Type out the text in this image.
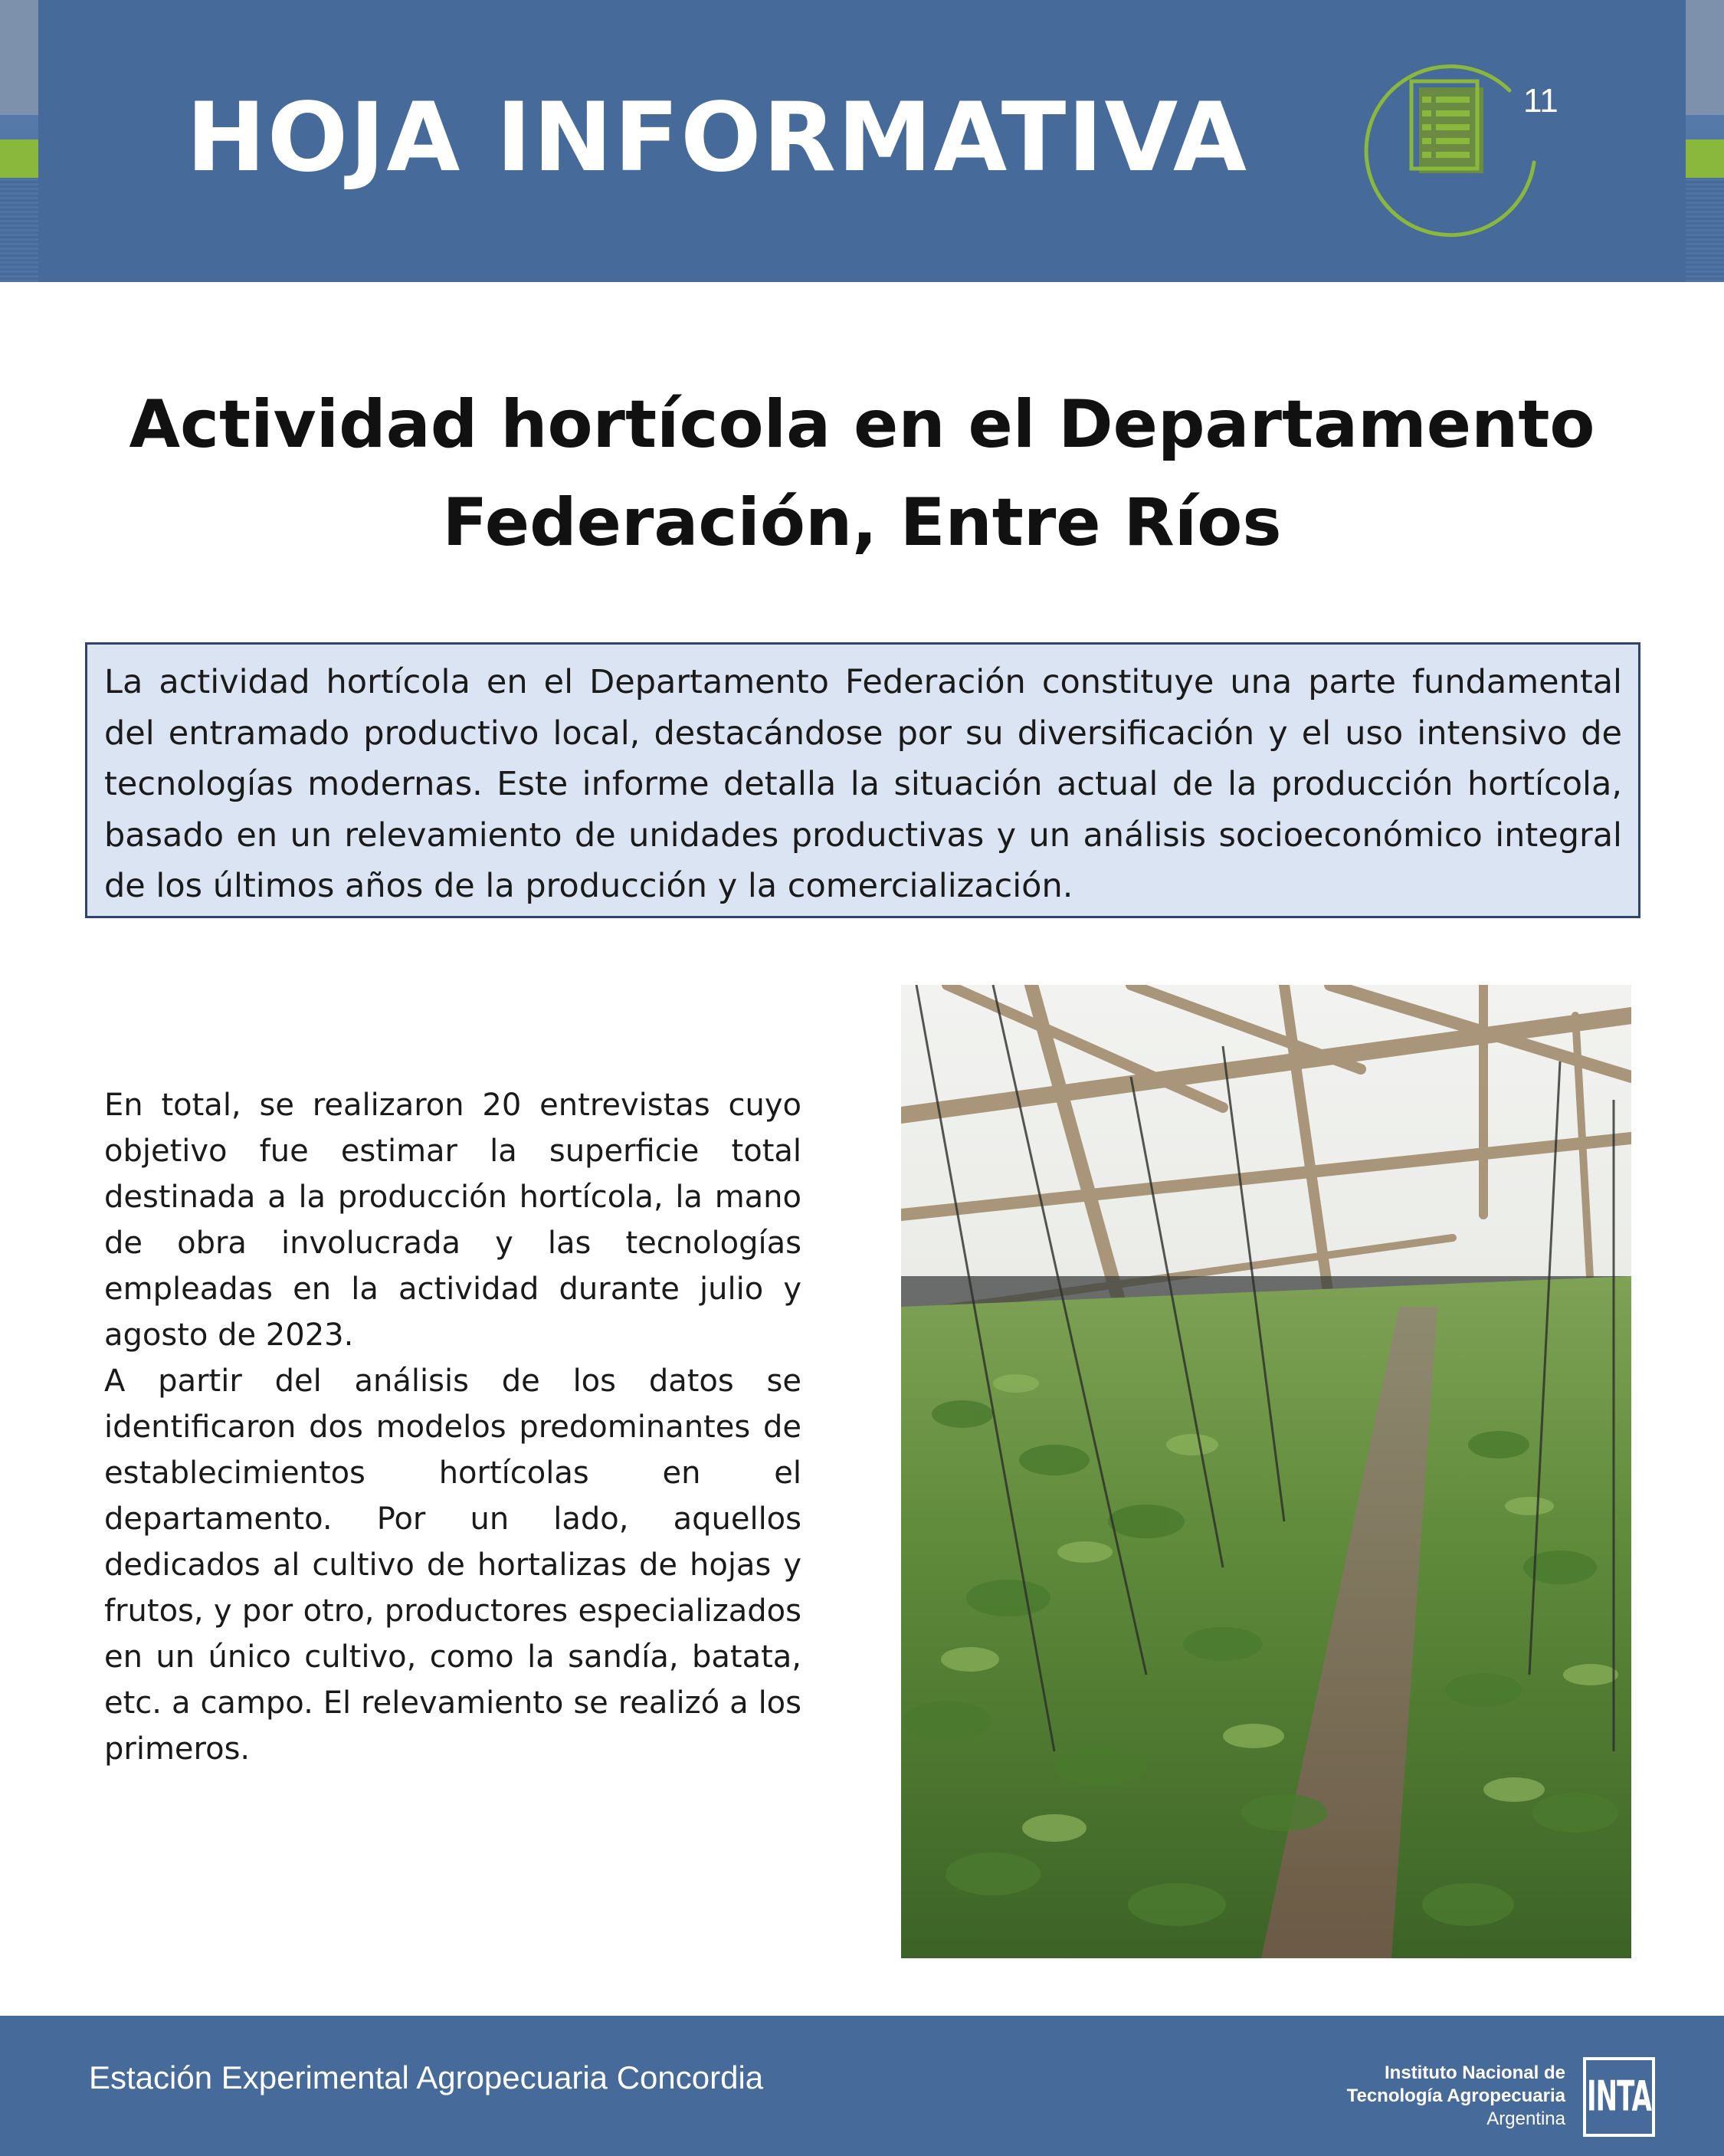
HOJA INFORMATIVA	11
Actividad hortícola en el Departamento
Federación, Entre Ríos

La actividad hortícola en el Departamento Federación constituye una parte fundamental del entramado productivo local, destacándose por su diversificación y el uso intensivo de tecnologías modernas. Este informe detalla la situación actual de la producción hortícola, basado en un relevamiento de unidades productivas y un análisis socioeconómico integral de los últimos años de la producción y la comercialización.

En total, se realizaron 20 entrevistas cuyo objetivo fue estimar la superficie total destinada a la producción hortícola, la mano de obra involucrada y las tecnologías empleadas en la actividad durante julio y agosto de 2023.

A partir del análisis de los datos se identificaron dos modelos predominantes de establecimientos hortícolas en el departamento. Por un lado, aquellos dedicados al cultivo de hortalizas de hojas y frutos, y por otro, productores especializados en un único cultivo, como la sandía, batata, etc. a campo. El relevamiento se realizó a los primeros.

Estación Experimental Agropecuaria Concordia	Instituto Nacional de
Tecnología Agropecuaria
Argentina INTA
